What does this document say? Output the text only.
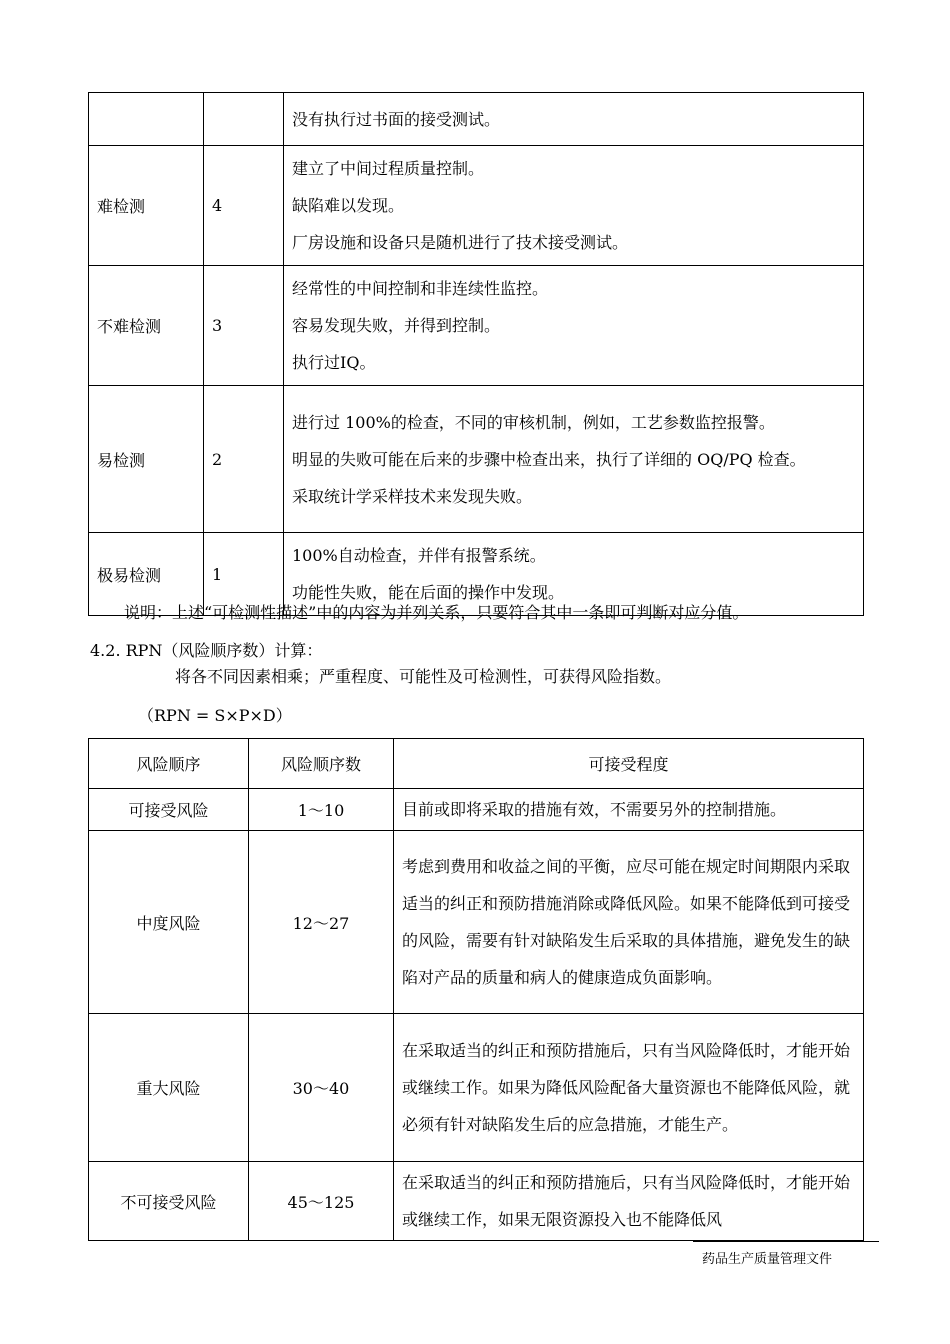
		没有执行过书面的接受测试。

难检测	4	建立了中间过程质量控制。
缺陷难以发现。
厂房设施和设备只是随机进行了技术接受测试。

不难检测	3	经常性的中间控制和非连续性监控。
容易发现失败，并得到控制。
执行过IQ。

易检测	2	进行过 100%的检查，不同的审核机制，例如，工艺参数监控报警。
明显的失败可能在后来的步骤中检查出来，执行了详细的 OQ/PQ 检查。
采取统计学采样技术来发现失败。

极易检测	1	100%自动检查，并伴有报警系统。
功能性失败，能在后面的操作中发现。
说明：上述“可检测性描述”中的内容为并列关系，只要符合其中一条即可判断对应分值。
4.2. RPN（风险顺序数）计算：
将各不同因素相乘；严重程度、可能性及可检测性，可获得风险指数。
（RPN = S×P×D）
风险顺序	风险顺序数	可接受程度
可接受风险	1～10	目前或即将采取的措施有效，不需要另外的控制措施。

中度风险	12～27	考虑到费用和收益之间的平衡，应尽可能在规定时间期限内采取适当的纠正和预防措施消除或降低风险。如果不能降低到可接受的风险，需要有针对缺陷发生后采取的具体措施，避免发生的缺陷对产品的质量和病人的健康造成负面影响。

重大风险	30～40	在采取适当的纠正和预防措施后，只有当风险降低时，才能开始或继续工作。如果为降低风险配备大量资源也不能降低风险，就必须有针对缺陷发生后的应急措施，才能生产。

不可接受风险	45～125	在采取适当的纠正和预防措施后，只有当风险降低时，才能开始或继续工作，如果无限资源投入也不能降低风
药品生产质量管理文件
